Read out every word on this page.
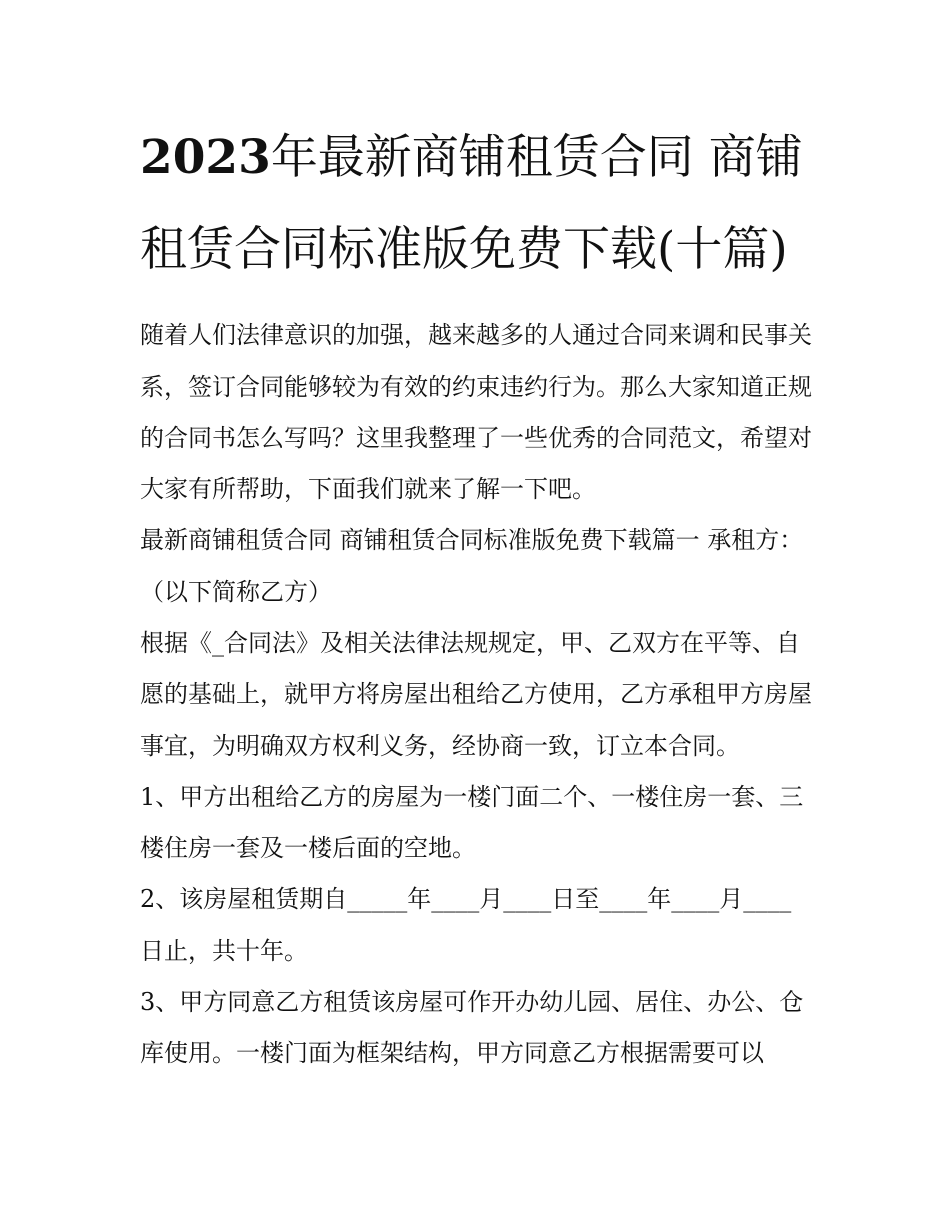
2023年最新商铺租赁合同 商铺租赁合同标准版免费下载(十篇)

随着人们法律意识的加强，越来越多的人通过合同来调和民事关系，签订合同能够较为有效的约束违约行为。那么大家知道正规的合同书怎么写吗？这里我整理了一些优秀的合同范文，希望对大家有所帮助，下面我们就来了解一下吧。

最新商铺租赁合同 商铺租赁合同标准版免费下载篇一 承租方：（以下简称乙方）

根据《_合同法》及相关法律法规规定，甲、乙双方在平等、自愿的基础上，就甲方将房屋出租给乙方使用，乙方承租甲方房屋事宜，为明确双方权利义务，经协商一致，订立本合同。

1、甲方出租给乙方的房屋为一楼门面二个、一楼住房一套、三楼住房一套及一楼后面的空地。

2、该房屋租赁期自_____年____月____日至____年____月____日止，共十年。

3、甲方同意乙方租赁该房屋可作开办幼儿园、居住、办公、仓库使用。一楼门面为框架结构，甲方同意乙方根据需要可以
